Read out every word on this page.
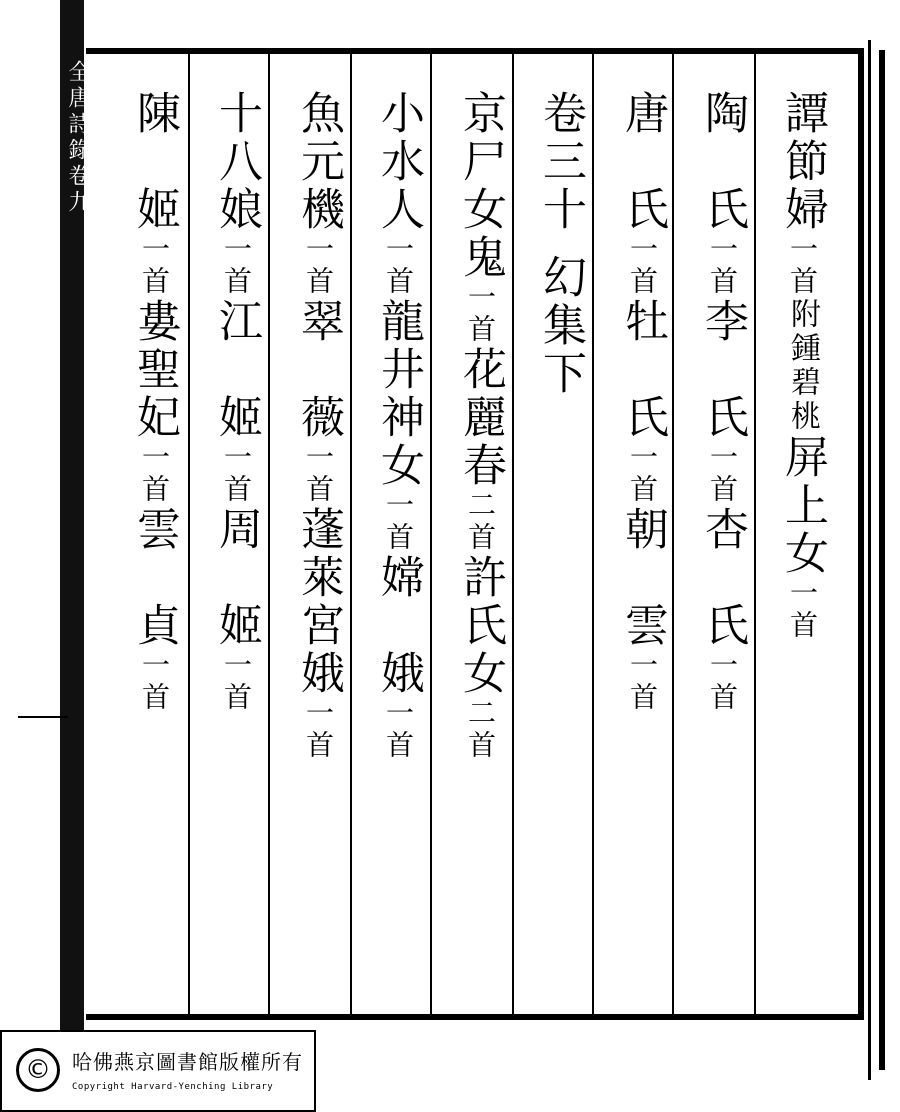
全唐詩錄卷九	譚節婦一首附鍾碧桃屏上女一首
陶　氏一首李　氏一首杏　氏一首
唐　氏一首牡　氏一首朝　雲一首
卷三十幻集下
京尸女鬼一首花麗春二首許氏女二首
小水人一首龍井神女一首嫦　娥一首
魚元機一首翠　薇一首蓬萊宮娥一首
十八娘一首江　姬一首周　姬一首
陳　姬一首婁聖妃一首雲　貞一首
©	哈佛燕京圖書館版權所有
Copyright Harvard-Yenching Library
